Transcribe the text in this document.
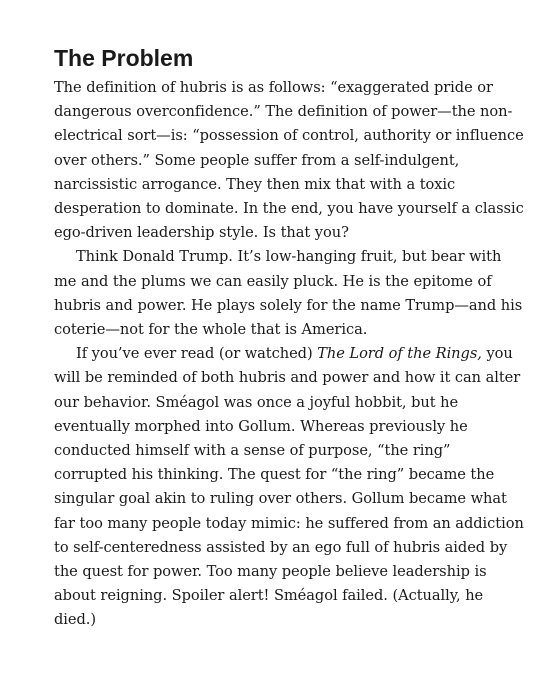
The Problem

The definition of hubris is as follows: “exaggerated pride or dangerous overconfidence.” The definition of power—the non-electrical sort—is: “possession of control, authority or influence over others.” Some people suffer from a self-indulgent, narcissistic arrogance. They then mix that with a toxic desperation to dominate. In the end, you have yourself a classic ego-driven leadership style. Is that you?

Think Donald Trump. It’s low-hanging fruit, but bear with me and the plums we can easily pluck. He is the epitome of hubris and power. He plays solely for the name Trump—and his coterie—not for the whole that is America.

If you’ve ever read (or watched) The Lord of the Rings, you will be reminded of both hubris and power and how it can alter our behavior. Sméagol was once a joyful hobbit, but he eventually morphed into Gollum. Whereas previously he conducted himself with a sense of purpose, “the ring” corrupted his thinking. The quest for “the ring” became the singular goal akin to ruling over others. Gollum became what far too many people today mimic: he suffered from an addiction to self-centeredness assisted by an ego full of hubris aided by the quest for power. Too many people believe leadership is about reigning. Spoiler alert! Sméagol failed. (Actually, he died.)
